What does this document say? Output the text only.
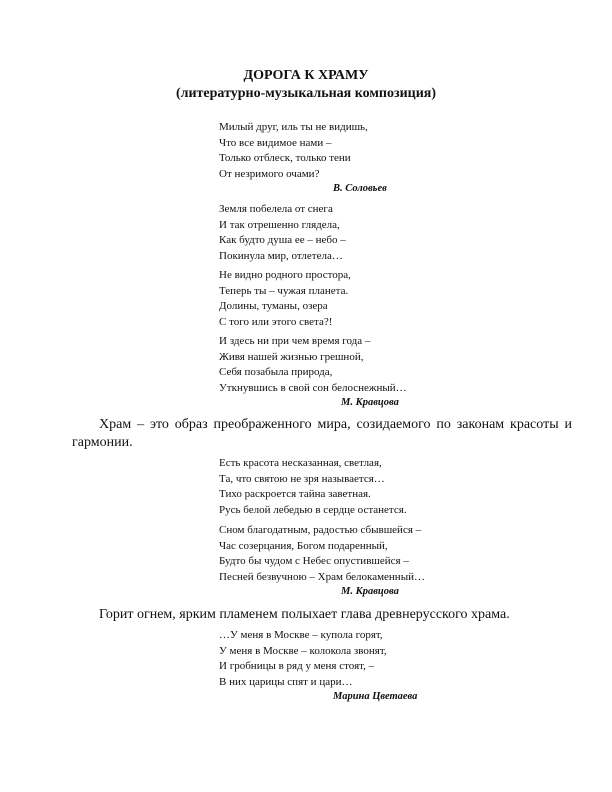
ДОРОГА К ХРАМУ
(литературно-музыкальная композиция)
Милый друг, иль ты не видишь,
Что все видимое нами –
Только отблеск, только тени
От незримого очами?
В. Соловьев
Земля побелела от снега
И так отрешенно глядела,
Как будто душа ее – небо –
Покинула мир, отлетела…
Не видно родного простора,
Теперь ты – чужая планета.
Долины, туманы, озера
С того или этого света?!
И здесь ни при чем время года –
Живя нашей жизнью грешной,
Себя позабыла природа,
Уткнувшись в свой сон белоснежный…
М. Кравцова
Храм – это образ преображенного мира, созидаемого по законам красоты и гармонии.
Есть красота несказанная, светлая,
Та, что святою не зря называется…
Тихо раскроется тайна заветная.
Русь белой лебедью в сердце останется.
Сном благодатным, радостью сбывшейся –
Час созерцания, Богом подаренный,
Будто бы чудом с Небес опустившейся –
Песней безвучною – Храм белокаменный…
М. Кравцова
Горит огнем, ярким пламенем полыхает глава древнерусского храма.
…У меня в Москве – купола горят,
У меня в Москве – колокола звонят,
И гробницы в ряд у меня стоят, –
В них царицы спят и цари…
Марина Цветаева
